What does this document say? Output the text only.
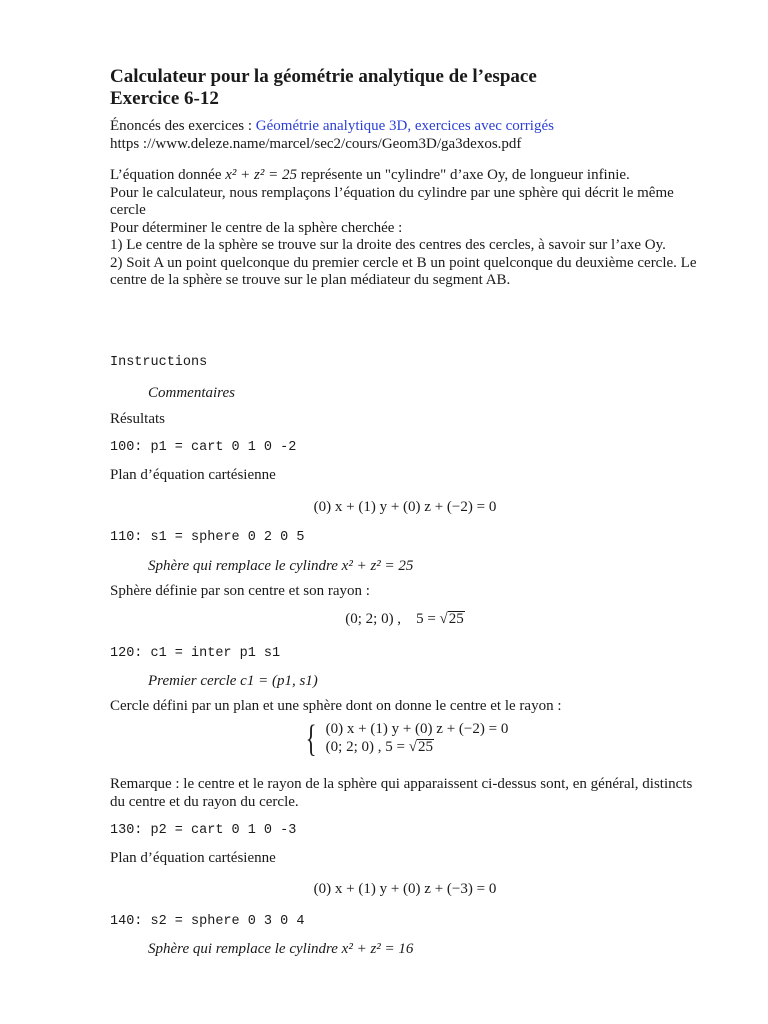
Calculateur pour la géométrie analytique de l’espace
Exercice 6-12
Énoncés des exercices : Géométrie analytique 3D, exercices avec corrigés
https ://www.deleze.name/marcel/sec2/cours/Geom3D/ga3dexos.pdf
L’équation donnée x² + z² = 25 représente un "cylindre" d’axe Oy, de longueur infinie.
Pour le calculateur, nous remplaçons l’équation du cylindre par une sphère qui décrit le même cercle
Pour déterminer le centre de la sphère cherchée :
1) Le centre de la sphère se trouve sur la droite des centres des cercles, à savoir sur l’axe Oy.
2) Soit A un point quelconque du premier cercle et B un point quelconque du deuxième cercle. Le centre de la sphère se trouve sur le plan médiateur du segment AB.
Instructions
Commentaires
Résultats
100: p1 = cart 0 1 0 -2
Plan d’équation cartésienne
(0) x + (1) y + (0) z + (−2) = 0
110: s1 = sphere 0 2 0 5
Sphère qui remplace le cylindre x² + z² = 25
Sphère définie par son centre et son rayon :
(0; 2; 0) , 5 = √25
120: c1 = inter p1 s1
Premier cercle c1 = (p1, s1)
Cercle défini par un plan et une sphère dont on donne le centre et le rayon :
{ (0) x + (1) y + (0) z + (−2) = 0
(0; 2; 0) , 5 = √25
Remarque : le centre et le rayon de la sphère qui apparaissent ci-dessus sont, en général, distincts du centre et du rayon du cercle.
130: p2 = cart 0 1 0 -3
Plan d’équation cartésienne
(0) x + (1) y + (0) z + (−3) = 0
140: s2 = sphere 0 3 0 4
Sphère qui remplace le cylindre x² + z² = 16
